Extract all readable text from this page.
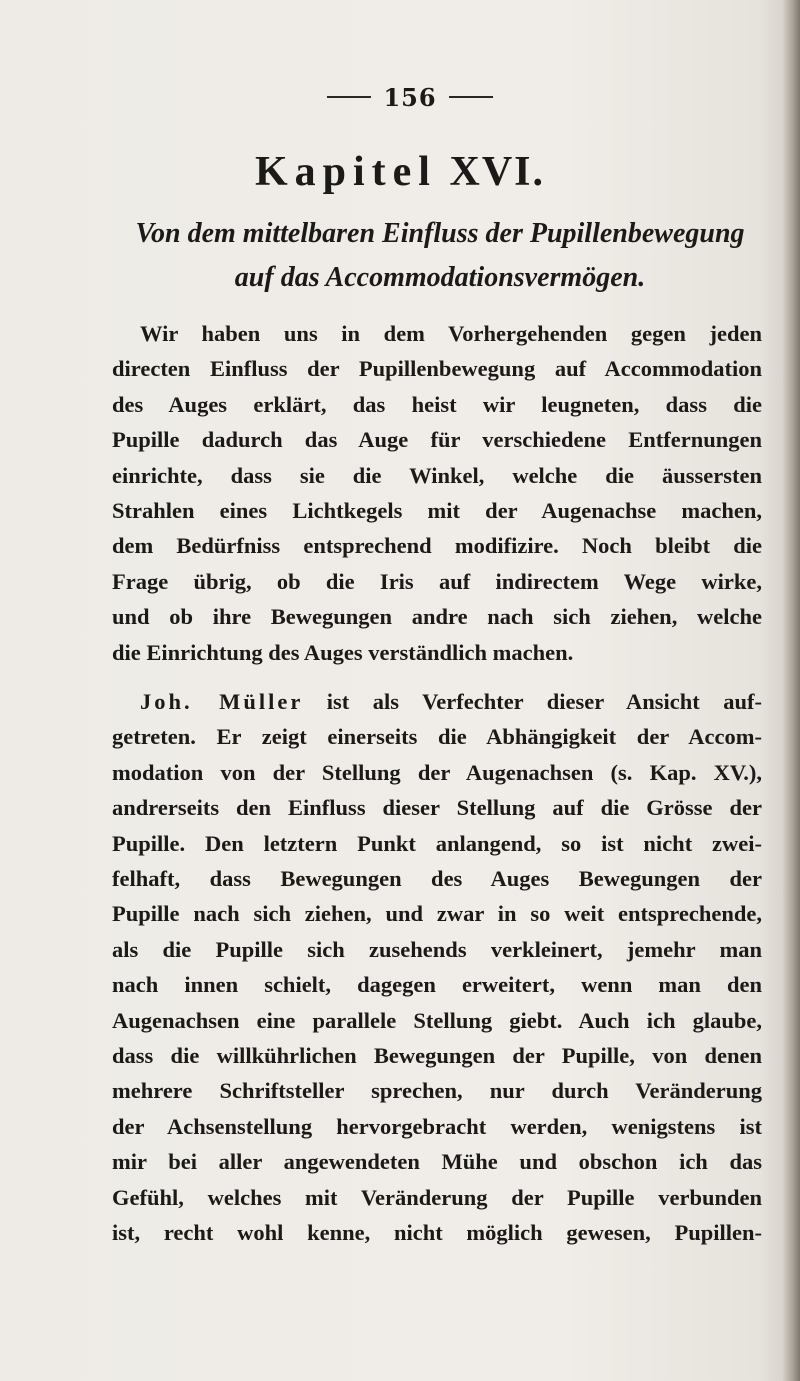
156
Kapitel XVI.
Von dem mittelbaren Einfluss der Pupillenbewegung
auf das Accommodationsvermögen.
Wir haben uns in dem Vorhergehenden gegen jeden
directen Einfluss der Pupillenbewegung auf Accommodation
des Auges erklärt, das heist wir leugneten, dass die
Pupille dadurch das Auge für verschiedene Entfernungen
einrichte, dass sie die Winkel, welche die äussersten
Strahlen eines Lichtkegels mit der Augenachse machen,
dem Bedürfniss entsprechend modifizire. Noch bleibt die
Frage übrig, ob die Iris auf indirectem Wege wirke,
und ob ihre Bewegungen andre nach sich ziehen, welche
die Einrichtung des Auges verständlich machen.
Joh. Müller ist als Verfechter dieser Ansicht auf-
getreten. Er zeigt einerseits die Abhängigkeit der Accom-
modation von der Stellung der Augenachsen (s. Kap. XV.),
andrerseits den Einfluss dieser Stellung auf die Grösse der
Pupille. Den letztern Punkt anlangend, so ist nicht zwei-
felhaft, dass Bewegungen des Auges Bewegungen der
Pupille nach sich ziehen, und zwar in so weit entsprechende,
als die Pupille sich zusehends verkleinert, jemehr man
nach innen schielt, dagegen erweitert, wenn man den
Augenachsen eine parallele Stellung giebt. Auch ich glaube,
dass die willkührlichen Bewegungen der Pupille, von denen
mehrere Schriftsteller sprechen, nur durch Veränderung
der Achsenstellung hervorgebracht werden, wenigstens ist
mir bei aller angewendeten Mühe und obschon ich das
Gefühl, welches mit Veränderung der Pupille verbunden
ist, recht wohl kenne, nicht möglich gewesen, Pupillen-
